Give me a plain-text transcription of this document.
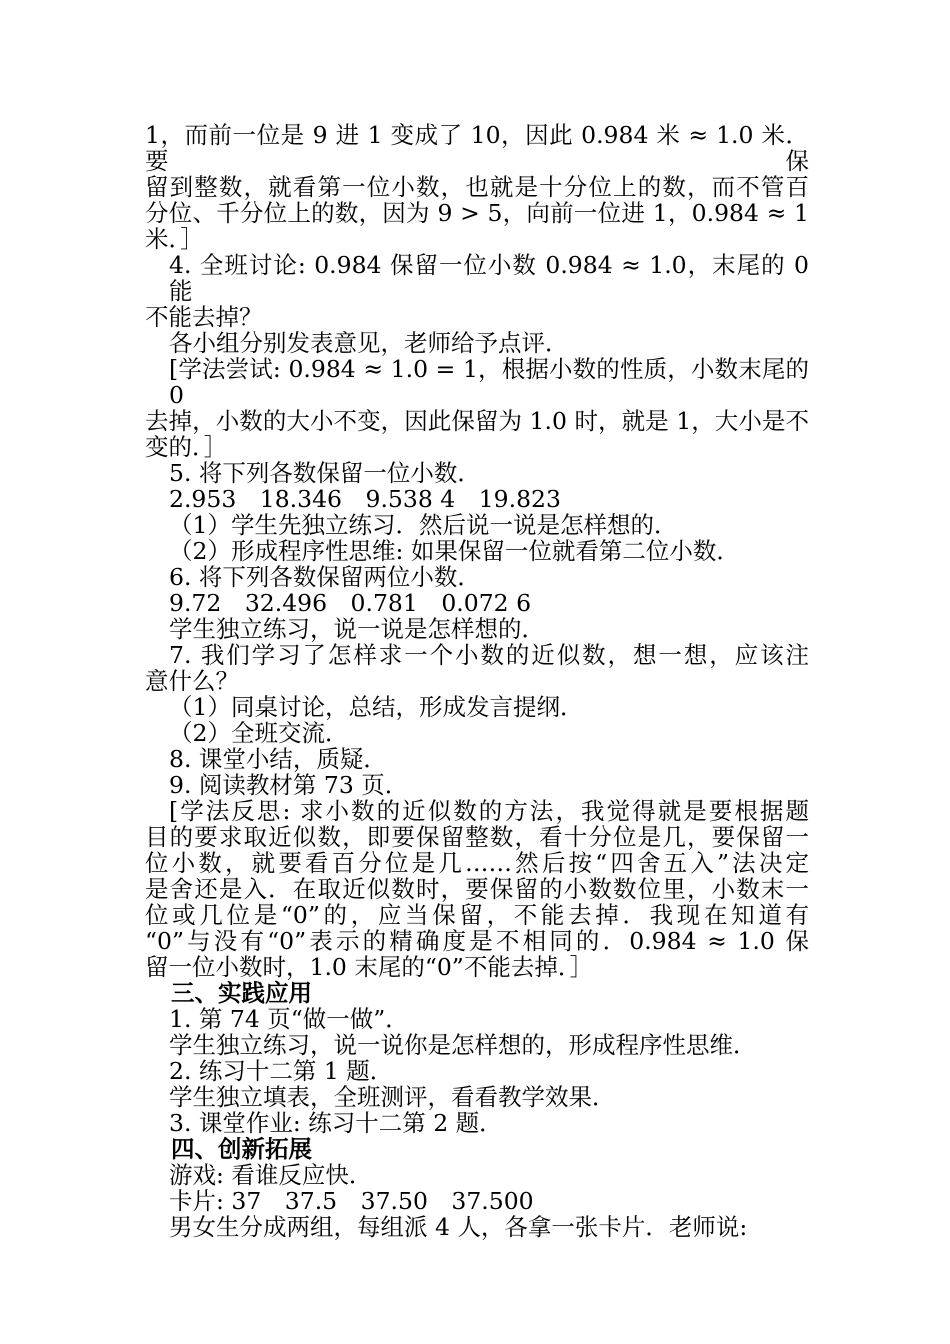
1，而前一位是 9 进 1 变成了 10，因此 0.984 米 ≈ 1.0 米．要保
留到整数，就看第一位小数，也就是十分位上的数，而不管百
分位、千分位上的数，因为 9 > 5，向前一位进 1，0.984 ≈ 1
米．］
4. 全班讨论: 0.984 保留一位小数 0.984 ≈ 1.0，末尾的 0 能
不能去掉？
各小组分别发表意见，老师给予点评．
[学法尝试: 0.984 ≈ 1.0 = 1，根据小数的性质，小数末尾的 0
去掉，小数的大小不变，因此保留为 1.0 时，就是 1，大小是不
变的．］
5. 将下列各数保留一位小数．
2.953　18.346　9.538 4　19.823
（1）学生先独立练习．然后说一说是怎样想的．
（2）形成程序性思维: 如果保留一位就看第二位小数．
6. 将下列各数保留两位小数．
9.72　32.496　0.781　0.072 6
学生独立练习，说一说是怎样想的．
7. 我们学习了怎样求一个小数的近似数，想一想，应该注
意什么？
（1）同桌讨论，总结，形成发言提纲．
（2）全班交流．
8. 课堂小结，质疑．
9. 阅读教材第 73 页．
[学法反思: 求小数的近似数的方法，我觉得就是要根据题
目的要求取近似数，即要保留整数，看十分位是几，要保留一
位小数，就要看百分位是几……然后按“四舍五入”法决定
是舍还是入．在取近似数时，要保留的小数数位里，小数末一
位或几位是“0”的，应当保留，不能去掉．我现在知道有
“0”与没有“0”表示的精确度是不相同的．0.984 ≈ 1.0 保
留一位小数时，1.0 末尾的“0”不能去掉．］
三、实践应用
1. 第 74 页“做一做”．
学生独立练习，说一说你是怎样想的，形成程序性思维．
2. 练习十二第 1 题．
学生独立填表，全班测评，看看教学效果．
3. 课堂作业: 练习十二第 2 题．
四、创新拓展
游戏: 看谁反应快．
卡片: 37　37.5　37.50　37.500
男女生分成两组，每组派 4 人，各拿一张卡片．老师说:
